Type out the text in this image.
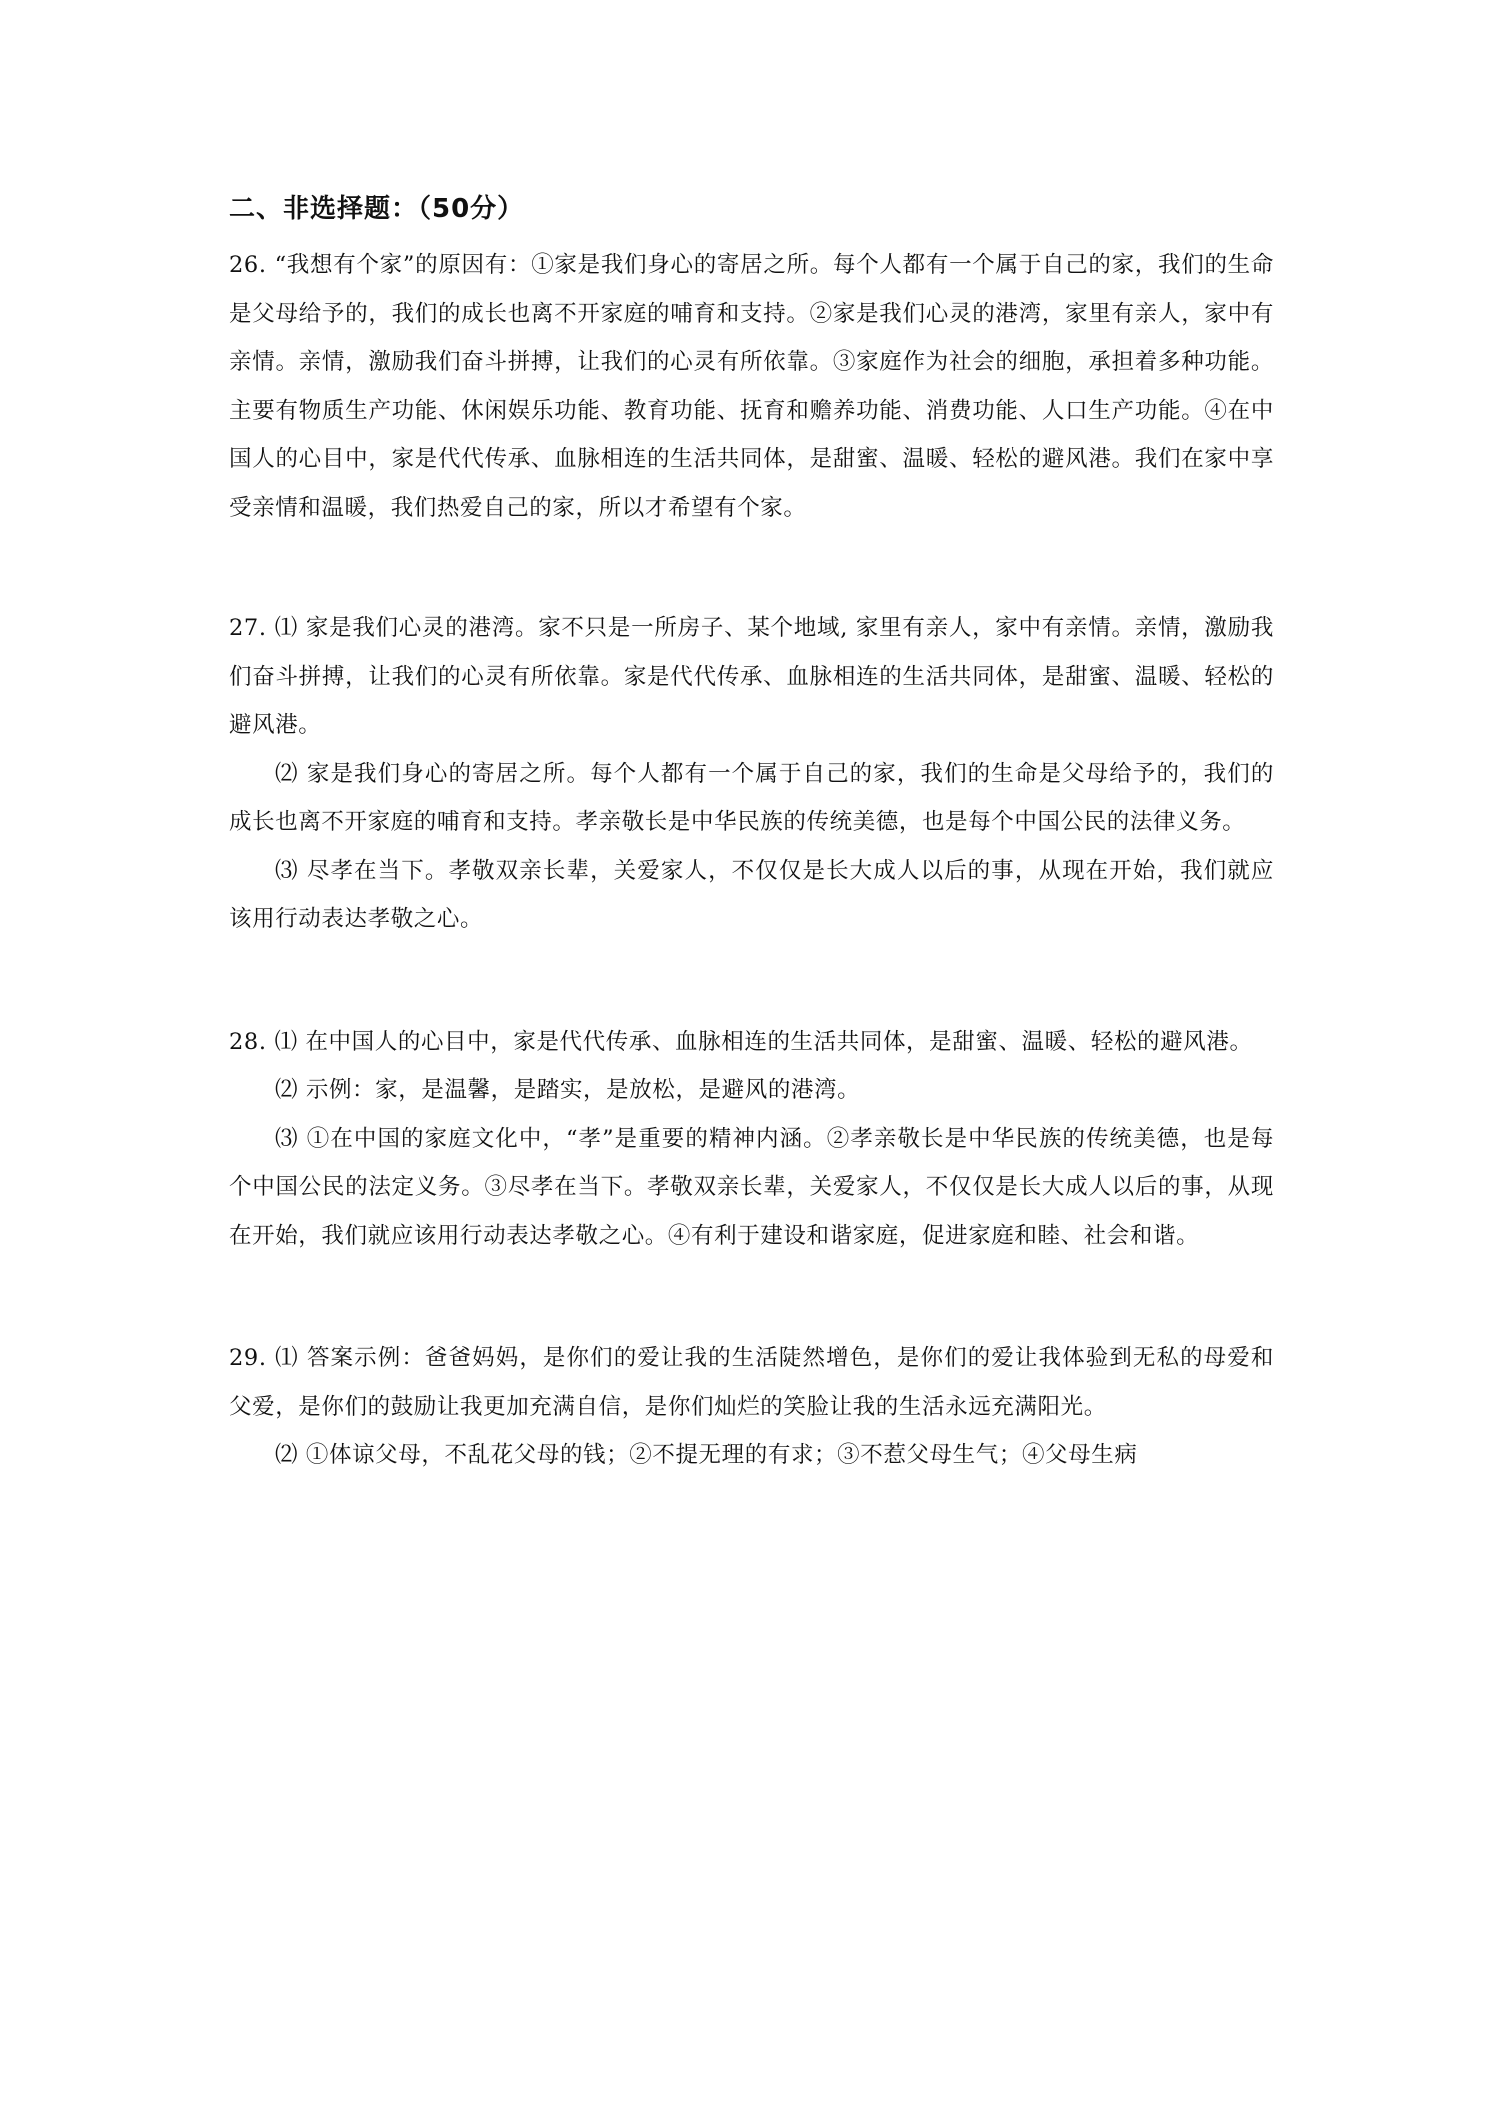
二、非选择题：（50分）

26. “我想有个家”的原因有：①家是我们身心的寄居之所。每个人都有一个属于自己的家，我们的生命是父母给予的，我们的成长也离不开家庭的哺育和支持。②家是我们心灵的港湾，家里有亲人，家中有亲情。亲情，激励我们奋斗拼搏，让我们的心灵有所依靠。③家庭作为社会的细胞，承担着多种功能。主要有物质生产功能、休闲娱乐功能、教育功能、抚育和赡养功能、消费功能、人口生产功能。④在中国人的心目中，家是代代传承、血脉相连的生活共同体，是甜蜜、温暖、轻松的避风港。我们在家中享受亲情和温暖，我们热爱自己的家，所以才希望有个家。

27. ⑴ 家是我们心灵的港湾。家不只是一所房子、某个地域, 家里有亲人，家中有亲情。亲情，激励我们奋斗拼搏，让我们的心灵有所依靠。家是代代传承、血脉相连的生活共同体，是甜蜜、温暖、轻松的避风港。

⑵ 家是我们身心的寄居之所。每个人都有一个属于自己的家，我们的生命是父母给予的，我们的成长也离不开家庭的哺育和支持。孝亲敬长是中华民族的传统美德，也是每个中国公民的法律义务。

⑶ 尽孝在当下。孝敬双亲长辈，关爱家人，不仅仅是长大成人以后的事，从现在开始，我们就应该用行动表达孝敬之心。

28. ⑴ 在中国人的心目中，家是代代传承、血脉相连的生活共同体，是甜蜜、温暖、轻松的避风港。

⑵ 示例：家，是温馨，是踏实，是放松，是避风的港湾。

⑶ ①在中国的家庭文化中，“孝”是重要的精神内涵。②孝亲敬长是中华民族的传统美德，也是每个中国公民的法定义务。③尽孝在当下。孝敬双亲长辈，关爱家人，不仅仅是长大成人以后的事，从现在开始，我们就应该用行动表达孝敬之心。④有利于建设和谐家庭，促进家庭和睦、社会和谐。

29. ⑴ 答案示例：爸爸妈妈，是你们的爱让我的生活陡然增色，是你们的爱让我体验到无私的母爱和父爱，是你们的鼓励让我更加充满自信，是你们灿烂的笑脸让我的生活永远充满阳光。

⑵ ①体谅父母，不乱花父母的钱；②不提无理的有求；③不惹父母生气；④父母生病
